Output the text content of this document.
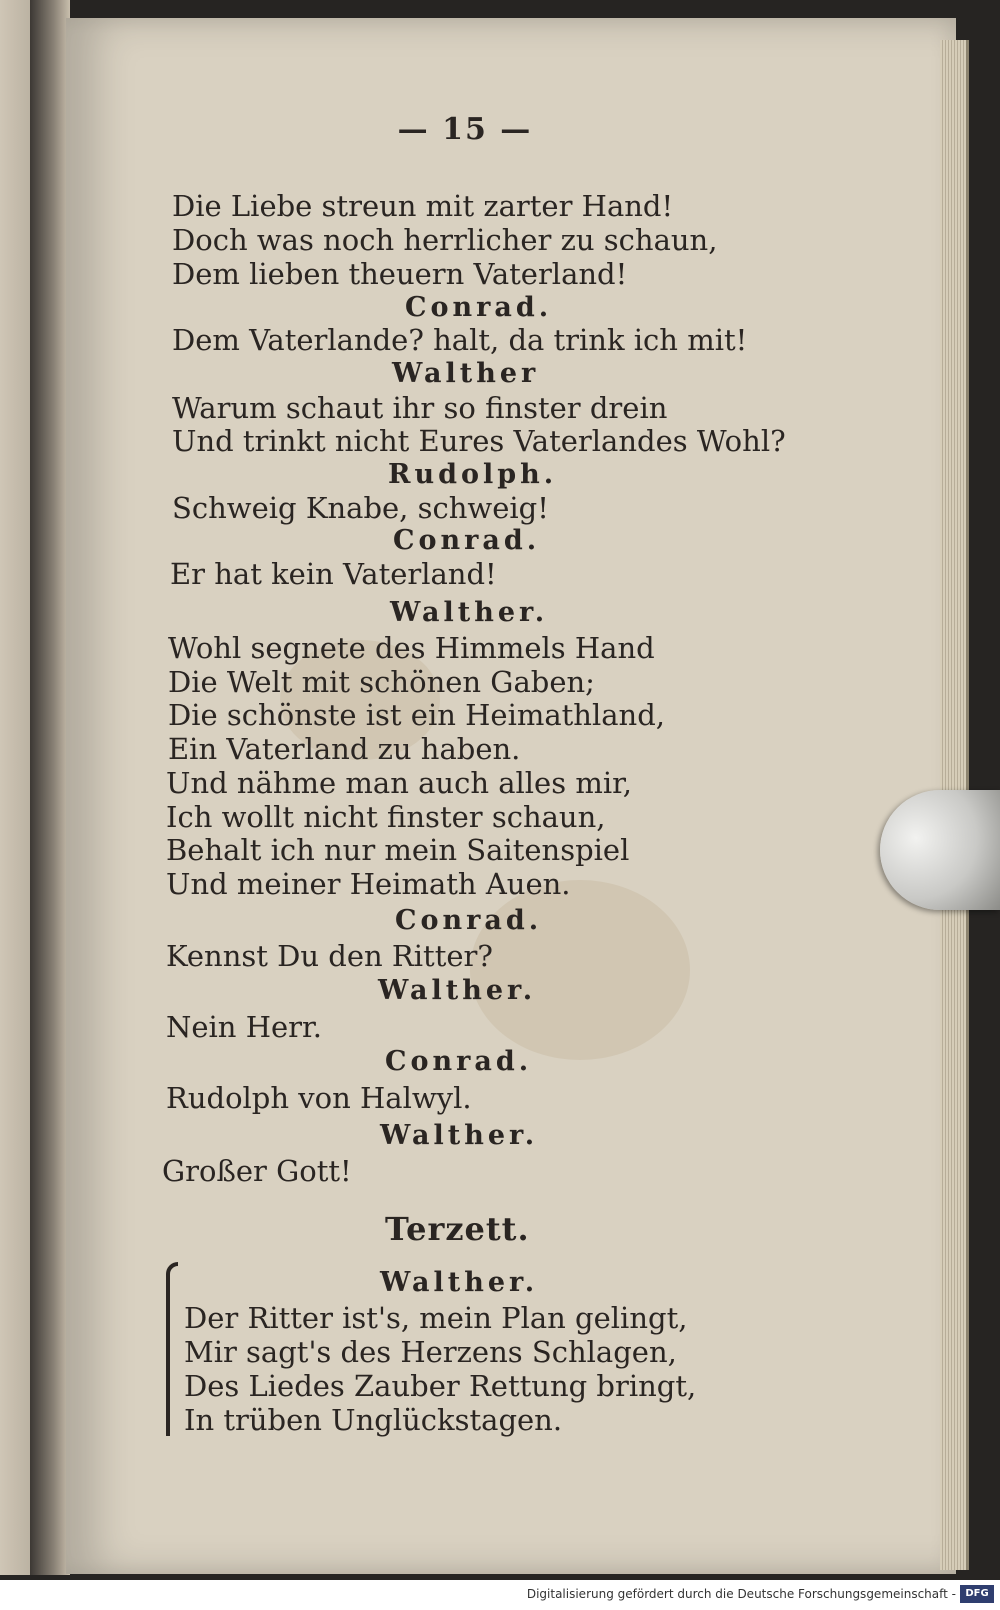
— 15 —
Die Liebe streun mit zarter Hand!
Doch was noch herrlicher zu schaun,
Dem lieben theuern Vaterland!
Conrad.
Dem Vaterlande? halt, da trink ich mit!
Walther
Warum schaut ihr so finster drein
Und trinkt nicht Eures Vaterlandes Wohl?
Rudolph.
Schweig Knabe, schweig!
Conrad.
Er hat kein Vaterland!
Walther.
Wohl segnete des Himmels Hand
Die Welt mit schönen Gaben;
Die schönste ist ein Heimathland,
Ein Vaterland zu haben.
Und nähme man auch alles mir,
Ich wollt nicht finster schaun,
Behalt ich nur mein Saitenspiel
Und meiner Heimath Auen.
Conrad.
Kennst Du den Ritter?
Walther.
Nein Herr.
Conrad.
Rudolph von Halwyl.
Walther.
Großer Gott!
Terzett.
Walther.
Der Ritter ist's, mein Plan gelingt,
Mir sagt's des Herzens Schlagen,
Des Liedes Zauber Rettung bringt,
In trüben Unglückstagen.
Digitalisierung gefördert durch die Deutsche Forschungsgemeinschaft - DFG
